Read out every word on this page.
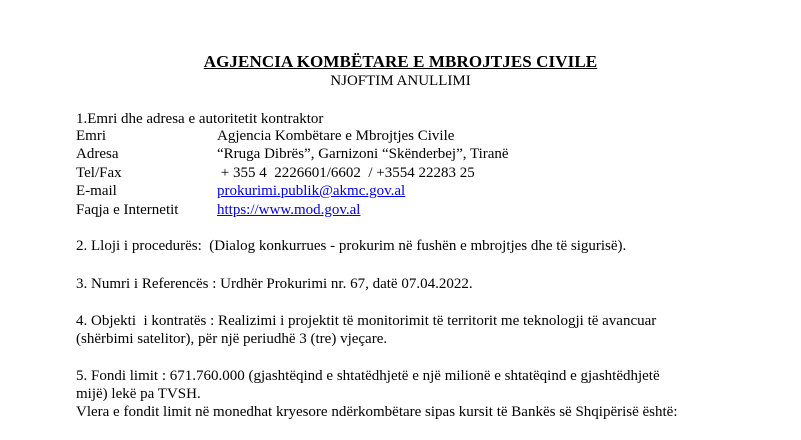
AGJENCIA KOMBËTARE E MBROJTJES CIVILE
NJOFTIM ANULLIMI
1.Emri dhe adresa e autoritetit kontraktor
Emri	Agjencia Kombëtare e Mbrojtjes Civile
Adresa	“Rruga Dibrës”, Garnizoni “Skënderbej”, Tiranë
Tel/Fax	+ 355 4  2226601/6602  / +3554 22283 25
E-mail	prokurimi.publik@akmc.gov.al
Faqja e Internetit	https://www.mod.gov.al
2. Lloji i procedurës:  (Dialog konkurrues - prokurim në fushën e mbrojtjes dhe të sigurisë).
3. Numri i Referencës : Urdhër Prokurimi nr. 67, datë 07.04.2022.
4. Objekti  i kontratës : Realizimi i projektit të monitorimit të territorit me teknologji të avancuar
(shërbimi satelitor), për një periudhë 3 (tre) vjeçare.
5. Fondi limit : 671.760.000 (gjashtëqind e shtatëdhjetë e një milionë e shtatëqind e gjashtëdhjetë
mijë) lekë pa TVSH.
Vlera e fondit limit në monedhat kryesore ndërkombëtare sipas kursit të Bankës së Shqipërisë është:
